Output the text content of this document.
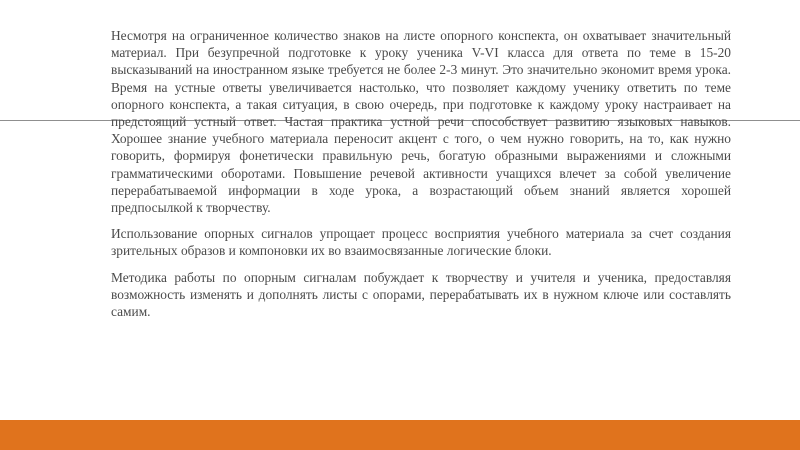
Несмотря на ограниченное количество знаков на листе опорного конспекта, он охватывает значительный материал. При безупречной подготовке к уроку ученика V-VI класса для ответа по теме в 15-20 высказываний на иностранном языке требуется не более 2-3 минут. Это значительно экономит время урока. Время на устные ответы увеличивается настолько, что позволяет каждому ученику ответить по теме опорного конспекта, а такая ситуация, в свою очередь, при подготовке к каждому уроку настраивает на предстоящий устный ответ. Частая практика устной речи способствует развитию языковых навыков. Хорошее знание учебного материала переносит акцент с того, о чем нужно говорить, на то, как нужно говорить, формируя фонетически правильную речь, богатую образными выражениями и сложными грамматическими оборотами. Повышение речевой активности учащихся влечет за собой увеличение перерабатываемой информации в ходе урока, а возрастающий объем знаний является хорошей предпосылкой к творчеству.

Использование опорных сигналов упрощает процесс восприятия учебного материала за счет создания зрительных образов и компоновки их во взаимосвязанные логические блоки.

Методика работы по опорным сигналам побуждает к творчеству и учителя и ученика, предоставляя возможность изменять и дополнять листы с опорами, перерабатывать их в нужном ключе или составлять самим.
